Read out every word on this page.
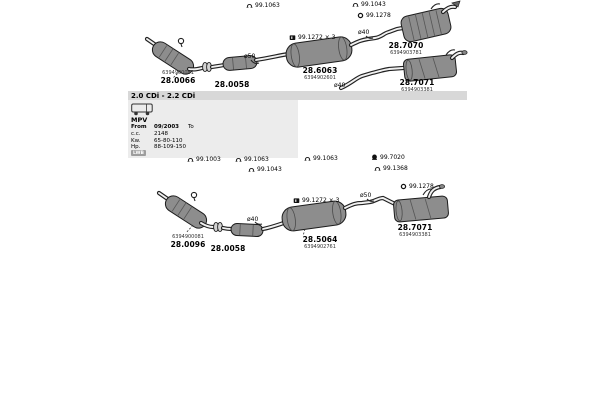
2.0 CDi - 2.2 CDi
MPV
From 09/2003 To
c.c. 2148
Kw. 65-80-110
Hp. 88-109-150
LWB
99.1063	99.1043
99.1278
99.1272 × 3
99.1003	99.1063
99.1043
99.1063	99.7020
99.1368
99.1278
99.1272 × 3
6394900081
28.0066	28.0058
28.6063
6394902601
28.7070
6394903781
28.7071
6394903381
6394900081
28.0096 28.0058
28.5064
6394902761
28.7071
6394903381
ø50
ø40
ø40
ø40
ø50
